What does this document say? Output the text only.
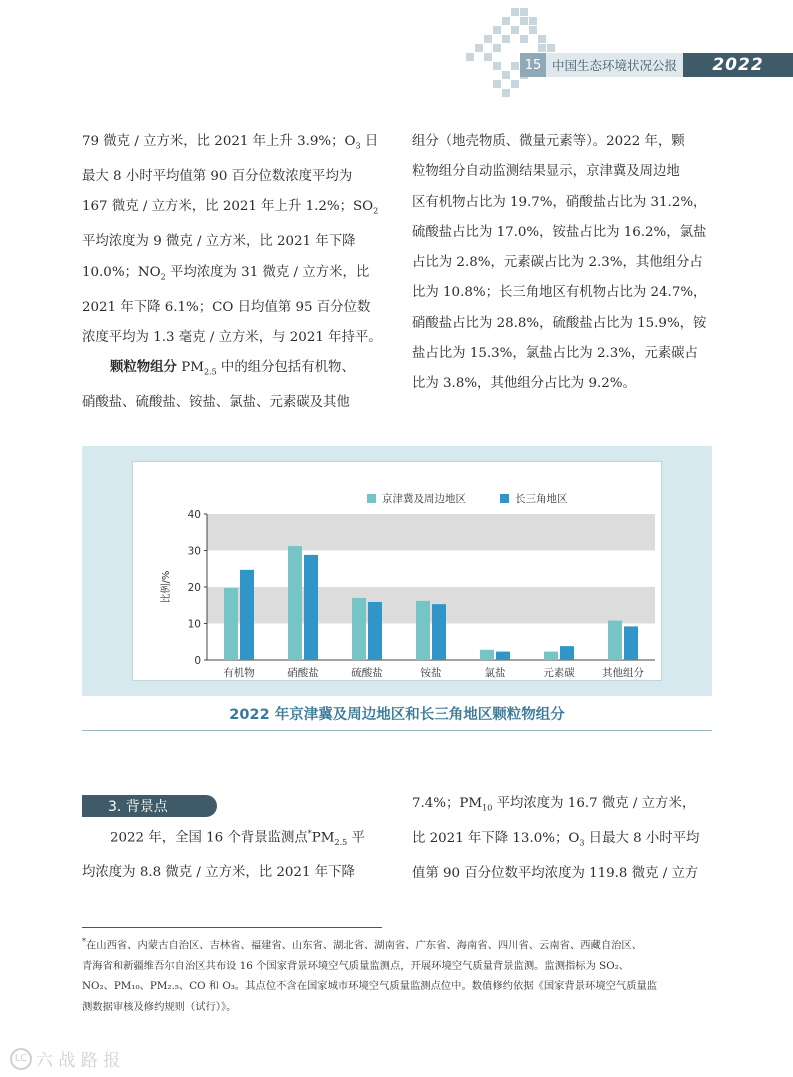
15 中国生态环境状况公报	2022

79 微克 / 立方米，比 2021 年上升 3.9%；$O_3$ 日

最大 8 小时平均值第 90 百分位数浓度平均为

167 微克 / 立方米，比 2021 年上升 1.2%；$SO_2$

平均浓度为 9 微克 / 立方米，比 2021 年下降

10.0%；$NO_2$ 平均浓度为 31 微克 / 立方米，比

2021 年下降 6.1%；CO 日均值第 95 百分位数

浓度平均为 1.3 毫克 / 立方米，与 2021 年持平。

颗粒物组分 $PM_{2.5}$ 中的组分包括有机物、

硝酸盐、硫酸盐、铵盐、氯盐、元素碳及其他

组分（地壳物质、微量元素等）。2022 年，颗

粒物组分自动监测结果显示，京津冀及周边地

区有机物占比为 19.7%，硝酸盐占比为 31.2%，

硫酸盐占比为 17.0%，铵盐占比为 16.2%，氯盐

占比为 2.8%，元素碳占比为 2.3%，其他组分占

比为 10.8%；长三角地区有机物占比为 24.7%，

硝酸盐占比为 28.8%，硫酸盐占比为 15.9%，铵

盐占比为 15.3%，氯盐占比为 2.3%，元素碳占

比为 3.8%，其他组分占比为 9.2%。

京津冀及周边地区	长三角地区
0
10
20
30
40
比例/%
有机物	硝酸盐	硫酸盐	铵盐	氯盐	元素碳	其他组分
2022 年京津冀及周边地区和长三角地区颗粒物组分
3. 背景点

2022 年，全国 16 个背景监测点$^*PM_{2.5}$ 平

均浓度为 8.8 微克 / 立方米，比 2021 年下降

7.4%；$PM_{10}$ 平均浓度为 16.7 微克 / 立方米，

比 2021 年下降 13.0%；$O_3$ 日最大 8 小时平均

值第 90 百分位数平均浓度为 119.8 微克 / 立方

*在山西省、内蒙古自治区、吉林省、福建省、山东省、湖北省、湖南省、广东省、海南省、四川省、云南省、西藏自治区、

青海省和新疆维吾尔自治区共布设 16 个国家背景环境空气质量监测点，开展环境空气质量背景监测。监测指标为 SO₂、

NO₂、PM₁₀、PM₂.₅、CO 和 O₃。其点位不含在国家城市环境空气质量监测点位中。数值修约依据《国家背景环境空气质量监

测数据审核及修约规则（试行）》。

LC 六 战 路 报
